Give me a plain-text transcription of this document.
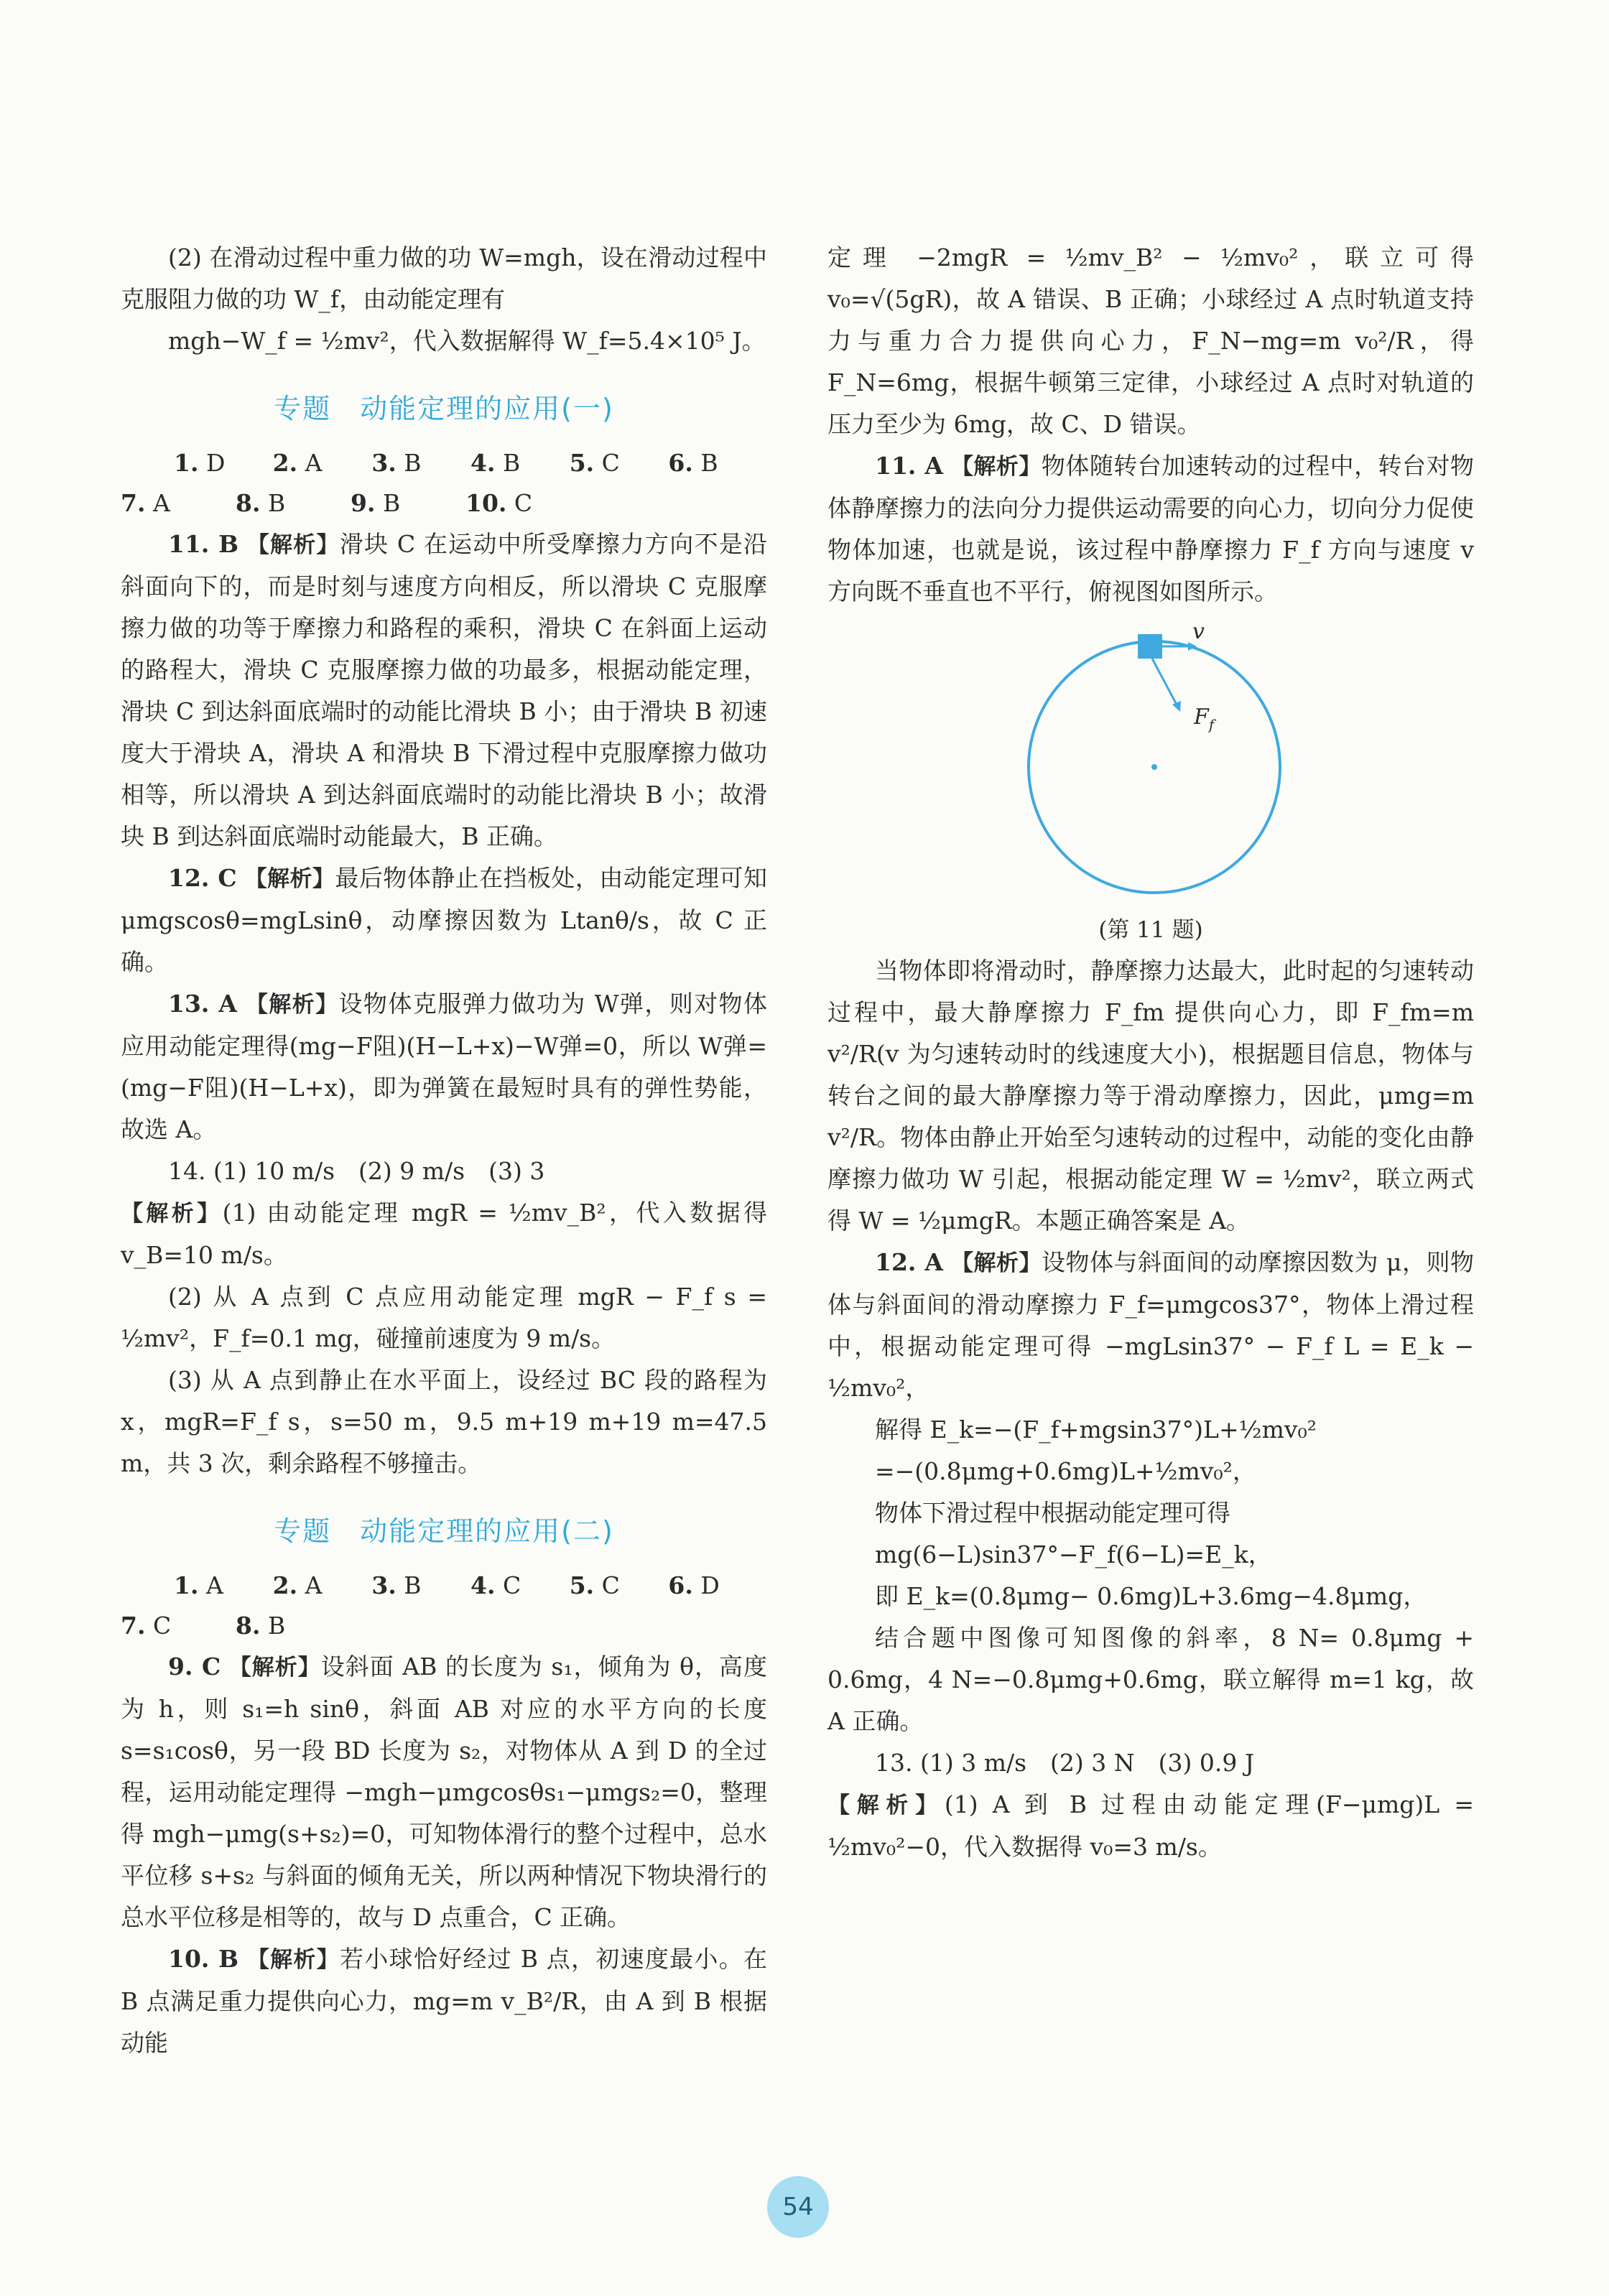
(2) 在滑动过程中重力做的功 W=mgh，设在滑动过程中克服阻力做的功 W_f，由动能定理有

mgh−W_f = ½mv²，代入数据解得 W_f=5.4×10⁵ J。

专题　动能定理的应用(一)
1. D	2. A	3. B	4. B	5. C	6. B
7. A	8. B	9. B	10. C

11. B 【解析】滑块 C 在运动中所受摩擦力方向不是沿斜面向下的，而是时刻与速度方向相反，所以滑块 C 克服摩擦力做的功等于摩擦力和路程的乘积，滑块 C 在斜面上运动的路程大，滑块 C 克服摩擦力做的功最多，根据动能定理，滑块 C 到达斜面底端时的动能比滑块 B 小；由于滑块 B 初速度大于滑块 A，滑块 A 和滑块 B 下滑过程中克服摩擦力做功相等，所以滑块 A 到达斜面底端时的动能比滑块 B 小；故滑块 B 到达斜面底端时动能最大，B 正确。

12. C 【解析】最后物体静止在挡板处，由动能定理可知 μmgscosθ=mgLsinθ，动摩擦因数为 Ltanθ/s，故 C 正确。

13. A 【解析】设物体克服弹力做功为 W弹，则对物体应用动能定理得(mg−F阻)(H−L+x)−W弹=0，所以 W弹=(mg−F阻)(H−L+x)，即为弹簧在最短时具有的弹性势能，故选 A。

14. (1) 10 m/s　(2) 9 m/s　(3) 3

【解析】(1) 由动能定理 mgR = ½mv_B²，代入数据得 v_B=10 m/s。

(2) 从 A 点到 C 点应用动能定理 mgR − F_f s = ½mv²，F_f=0.1 mg，碰撞前速度为 9 m/s。

(3) 从 A 点到静止在水平面上，设经过 BC 段的路程为 x，mgR=F_f s，s=50 m，9.5 m+19 m+19 m=47.5 m，共 3 次，剩余路程不够撞击。

专题　动能定理的应用(二)
1. A	2. A	3. B	4. C	5. C	6. D
7. C	8. B

9. C 【解析】设斜面 AB 的长度为 s₁，倾角为 θ，高度为 h，则 s₁=h sinθ，斜面 AB 对应的水平方向的长度 s=s₁cosθ，另一段 BD 长度为 s₂，对物体从 A 到 D 的全过程，运用动能定理得 −mgh−μmgcosθs₁−μmgs₂=0，整理得 mgh−μmg(s+s₂)=0，可知物体滑行的整个过程中，总水平位移 s+s₂ 与斜面的倾角无关，所以两种情况下物块滑行的总水平位移是相等的，故与 D 点重合，C 正确。

10. B 【解析】若小球恰好经过 B 点，初速度最小。在 B 点满足重力提供向心力，mg=m v_B²/R，由 A 到 B 根据动能

定理 −2mgR = ½mv_B² − ½mv₀²，联立可得 v₀=√(5gR)，故 A 错误、B 正确；小球经过 A 点时轨道支持力与重力合力提供向心力，F_N−mg=m v₀²/R，得 F_N=6mg，根据牛顿第三定律，小球经过 A 点时对轨道的压力至少为 6mg，故 C、D 错误。

11. A 【解析】物体随转台加速转动的过程中，转台对物体静摩擦力的法向分力提供运动需要的向心力，切向分力促使物体加速，也就是说，该过程中静摩擦力 F_f 方向与速度 v 方向既不垂直也不平行，俯视图如图所示。

v
$F_f$
(第 11 题)

当物体即将滑动时，静摩擦力达最大，此时起的匀速转动过程中，最大静摩擦力 F_fm 提供向心力，即 F_fm=m v²/R(v 为匀速转动时的线速度大小)，根据题目信息，物体与转台之间的最大静摩擦力等于滑动摩擦力，因此，μmg=m v²/R。物体由静止开始至匀速转动的过程中，动能的变化由静摩擦力做功 W 引起，根据动能定理 W = ½mv²，联立两式得 W = ½μmgR。本题正确答案是 A。

12. A 【解析】设物体与斜面间的动摩擦因数为 μ，则物体与斜面间的滑动摩擦力 F_f=μmgcos37°，物体上滑过程中，根据动能定理可得 −mgLsin37° − F_f L = E_k − ½mv₀²，

解得 E_k=−(F_f+mgsin37°)L+½mv₀²

=−(0.8μmg+0.6mg)L+½mv₀²，

物体下滑过程中根据动能定理可得

mg(6−L)sin37°−F_f(6−L)=E_k，

即 E_k=(0.8μmg− 0.6mg)L+3.6mg−4.8μmg，

结合题中图像可知图像的斜率，8 N= 0.8μmg + 0.6mg，4 N=−0.8μmg+0.6mg，联立解得 m=1 kg，故 A 正确。

13. (1) 3 m/s　(2) 3 N　(3) 0.9 J

【解析】(1) A 到 B 过程由动能定理(F−μmg)L = ½mv₀²−0，代入数据得 v₀=3 m/s。

54
